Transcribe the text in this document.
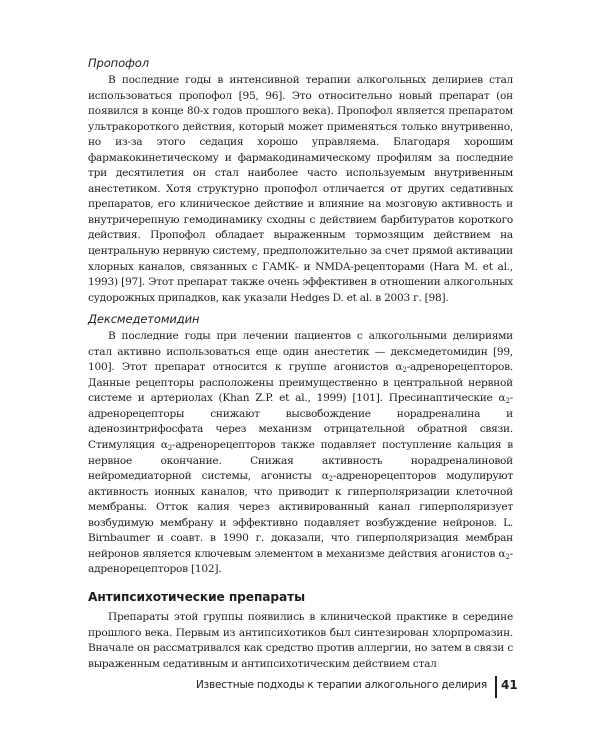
Пропофол

В последние годы в интенсивной терапии алкогольных делириев стал использоваться пропофол [95, 96]. Это относительно новый препарат (он появился в конце 80-х годов прошлого века). Пропофол является препаратом ультракороткого действия, который может применяться только внутривенно, но из-за этого седация хорошо управляема. Благодаря хорошим фармакокинетическому и фармакодинамическому профилям за последние три десятилетия он стал наиболее часто используемым внутривенным анестетиком. Хотя структурно пропофол отличается от других седативных препаратов, его клиническое действие и влияние на мозговую активность и внутричерепную гемодинамику сходны с действием барбитуратов короткого действия. Пропофол обладает выраженным тормозящим действием на центральную нервную систему, предположительно за счет прямой активации хлорных каналов, связанных с ГАМК- и NMDA-рецепторами (Hara M. et al., 1993) [97]. Этот препарат также очень эффективен в отношении алкогольных судорожных припадков, как указали Hedges D. et al. в 2003 г. [98].

Дексмедетомидин

В последние годы при лечении пациентов с алкогольными делириями стал активно использоваться еще один анестетик — дексмедетомидин [99, 100]. Этот препарат относится к группе агонистов $\alpha_2$-адренорецепторов. Данные рецепторы расположены преимущественно в центральной нервной системе и артериолах (Khan Z.P. et al., 1999) [101]. Пресинаптические $\alpha_2$-адренорецепторы снижают высвобождение норадреналина и аденозинтрифосфата через механизм отрицательной обратной связи. Стимуляция $\alpha_2$-адренорецепторов также подавляет поступление кальция в нервное окончание. Снижая активность норадреналиновой нейромедиаторной системы, агонисты $\alpha_2$-адренорецепторов модулируют активность ионных каналов, что приводит к гиперполяризации клеточной мембраны. Отток калия через активированный канал гиперполяризует возбудимую мембрану и эффективно подавляет возбуждение нейронов. L. Birnbaumer и соавт. в 1990 г. доказали, что гиперполяризация мембран нейронов является ключевым элементом в механизме действия агонистов $\alpha_2$-адренорецепторов [102].

Антипсихотические препараты

Препараты этой группы появились в клинической практике в середине прошлого века. Первым из антипсихотиков был синтезирован хлорпромазин. Вначале он рассматривался как средство против аллергии, но затем в связи с выраженным седативным и антипсихотическим действием стал

Известные подходы к терапии алкогольного делирия 41
